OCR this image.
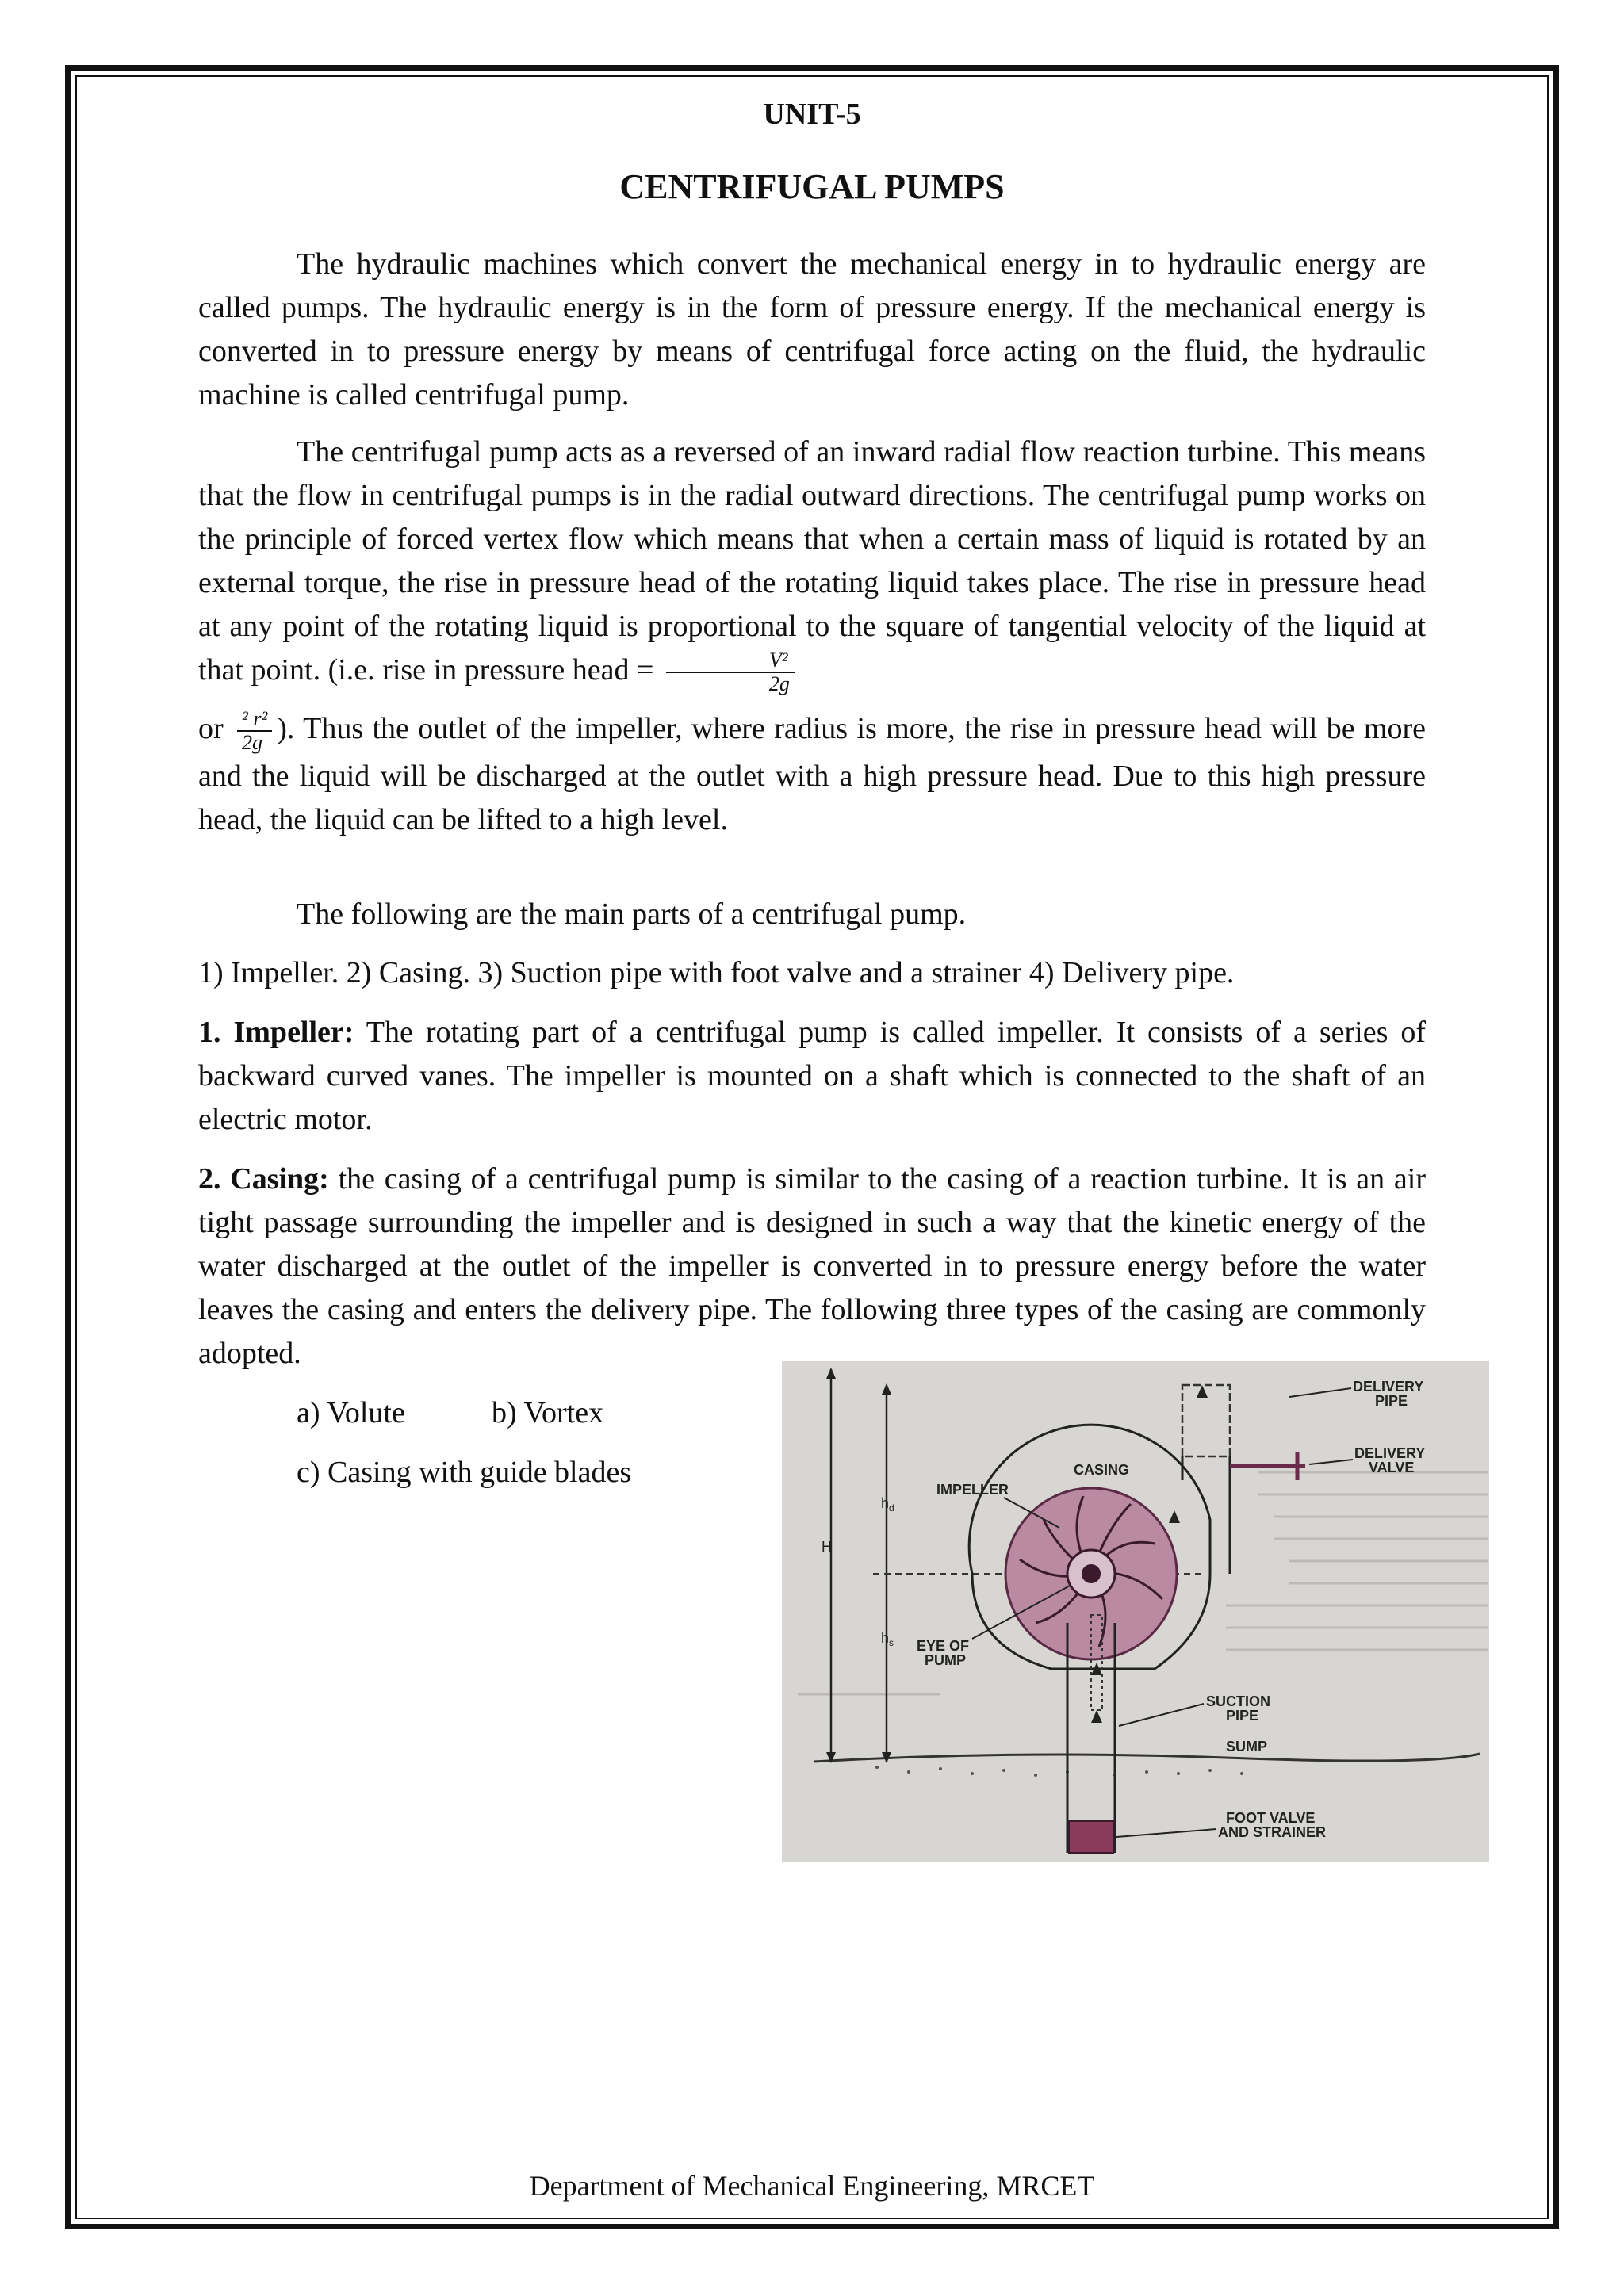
UNIT-5
CENTRIFUGAL PUMPS

The hydraulic machines which convert the mechanical energy in to hydraulic energy are called pumps. The hydraulic energy is in the form of pressure energy. If the mechanical energy is converted in to pressure energy by means of centrifugal force acting on the fluid, the hydraulic machine is called centrifugal pump.

The centrifugal pump acts as a reversed of an inward radial flow reaction turbine. This means that the flow in centrifugal pumps is in the radial outward directions. The centrifugal pump works on the principle of forced vertex flow which means that when a certain mass of liquid is rotated by an external torque, the rise in pressure head of the rotating liquid takes place. The rise in pressure head at any point of the rotating liquid is proportional to the square of tangential velocity of the liquid at that point. (i.e. rise in pressure head = $\frac{\text{V²}}{2g}$

or $\frac{\text{² r²}}{2g}$ ). Thus the outlet of the impeller, where radius is more, the rise in pressure head will be more and the liquid will be discharged at the outlet with a high pressure head. Due to this high pressure head, the liquid can be lifted to a high level.

The following are the main parts of a centrifugal pump.

1) Impeller. 2) Casing. 3) Suction pipe with foot valve and a strainer 4) Delivery pipe.

1. Impeller: The rotating part of a centrifugal pump is called impeller. It consists of a series of backward curved vanes. The impeller is mounted on a shaft which is connected to the shaft of an electric motor.

2. Casing: the casing of a centrifugal pump is similar to the casing of a reaction turbine. It is an air tight passage surrounding the impeller and is designed in such a way that the kinetic energy of the water discharged at the outlet of the impeller is converted in to pressure energy before the water leaves the casing and enters the delivery pipe. The following three types of the casing are commonly adopted.

a) Volute	b) Vortex
c) Casing with guide blades
H
$h_d$
$h_s$
DELIVERY
PIPE
DELIVERY
VALVE
CASING
IMPELLER
EYE OF
PUMP
SUCTION
PIPE
SUMP
FOOT VALVE
AND STRAINER
Department of Mechanical Engineering, MRCET
